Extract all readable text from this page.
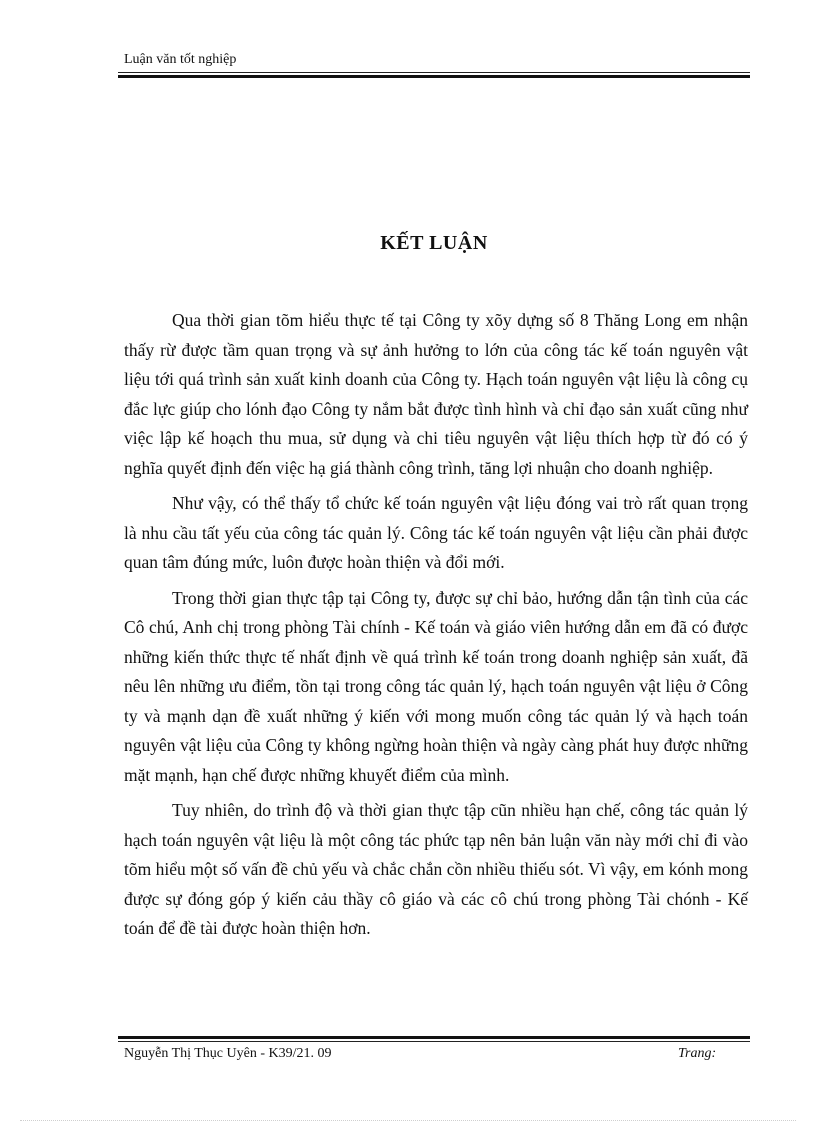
Luận văn tốt nghiệp
KẾT LUẬN

Qua thời gian tõm hiểu thực tế tại Công ty xõy dựng số 8 Thăng Long em nhận thấy rừ được tầm quan trọng và sự ảnh hưởng to lớn của công tác kế toán nguyên vật liệu tới quá trình sản xuất kinh doanh của Công ty. Hạch toán nguyên vật liệu là công cụ đắc lực giúp cho lónh đạo Công ty nắm bắt được tình hình và chỉ đạo sản xuất cũng như việc lập kế hoạch thu mua, sử dụng và chi tiêu nguyên vật liệu thích hợp từ đó có ý nghĩa quyết định đến việc hạ giá thành công trình, tăng lợi nhuận cho doanh nghiệp.

Như vậy, có thể thấy tổ chức kế toán nguyên vật liệu đóng vai trò rất quan trọng là nhu cầu tất yếu của công tác quản lý. Công tác kế toán nguyên vật liệu cần phải được quan tâm đúng mức, luôn được hoàn thiện và đổi mới.

Trong thời gian thực tập tại Công ty, được sự chỉ bảo, hướng dẫn tận tình của các Cô chú, Anh chị trong phòng Tài chính - Kế toán và giáo viên hướng dẫn em đã có được những kiến thức thực tế nhất định về quá trình kế toán trong doanh nghiệp sản xuất, đã nêu lên những ưu điểm, tồn tại trong công tác quản lý, hạch toán nguyên vật liệu ở Công ty và mạnh dạn đề xuất những ý kiến với mong muốn công tác quản lý và hạch toán nguyên vật liệu của Công ty không ngừng hoàn thiện và ngày càng phát huy được những mặt mạnh, hạn chế được những khuyết điểm của mình.

Tuy nhiên, do trình độ và thời gian thực tập cũn nhiều hạn chế, công tác quản lý hạch toán nguyên vật liệu là một công tác phức tạp nên bản luận văn này mới chỉ đi vào tõm hiểu một số vấn đề chủ yếu và chắc chắn cồn nhiều thiếu sót. Vì vậy, em kónh mong được sự đóng góp ý kiến cảu thầy cô giáo và các cô chú trong phòng Tài chónh - Kế toán để đề tài được hoàn thiện hơn.

Nguyễn Thị Thục Uyên - K39/21. 09	Trang:
